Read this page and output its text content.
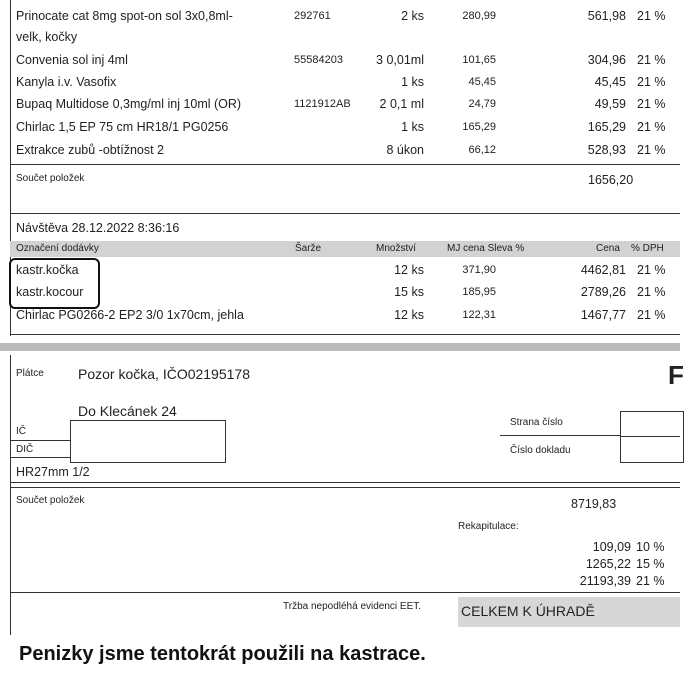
Prinocate cat 8mg spot-on sol 3x0,8ml-
velk, kočky
292761	2 ks	280,99	561,98 21 %
Convenia sol inj 4ml	55584203	3 0,01ml	101,65	304,96 21 %
Kanyla i.v. Vasofix	1 ks	45,45	45,45 21 %
Bupaq Multidose 0,3mg/ml inj 10ml (OR)	1121912AB	2 0,1 ml	24,79	49,59 21 %
Chirlac 1,5 EP 75 cm HR18/1 PG0256	1 ks	165,29	165,29 21 %
Extrakce zubů -obtížnost 2	8 úkon	66,12	528,93 21 %
Součet položek	1656,20
Návštěva 28.12.2022 8:36:16
Označení dodávky	Šarže	Množství	MJ cena Sleva %	Cena % DPH
kastr.kočka	12 ks	371,90	4462,81 21 %
kastr.kocour	15 ks	185,95	2789,26 21 %
Chirlac PG0266-2 EP2 3/0 1x70cm, jehla	12 ks	122,31	1467,77 21 %
Plátce Pozor kočka, IČO02195178	F
Do Klecánek 24
IČ
DIČ
Strana číslo
Číslo dokladu
HR27mm 1/2
Součet položek	8719,83
Rekapitulace:
109,09 10 %
1265,22 15 %
21193,39 21 %
Tržba nepodléhá evidenci EET.	CELKEM K ÚHRADĚ
Penizky jsme tentokrát použili na kastrace.
